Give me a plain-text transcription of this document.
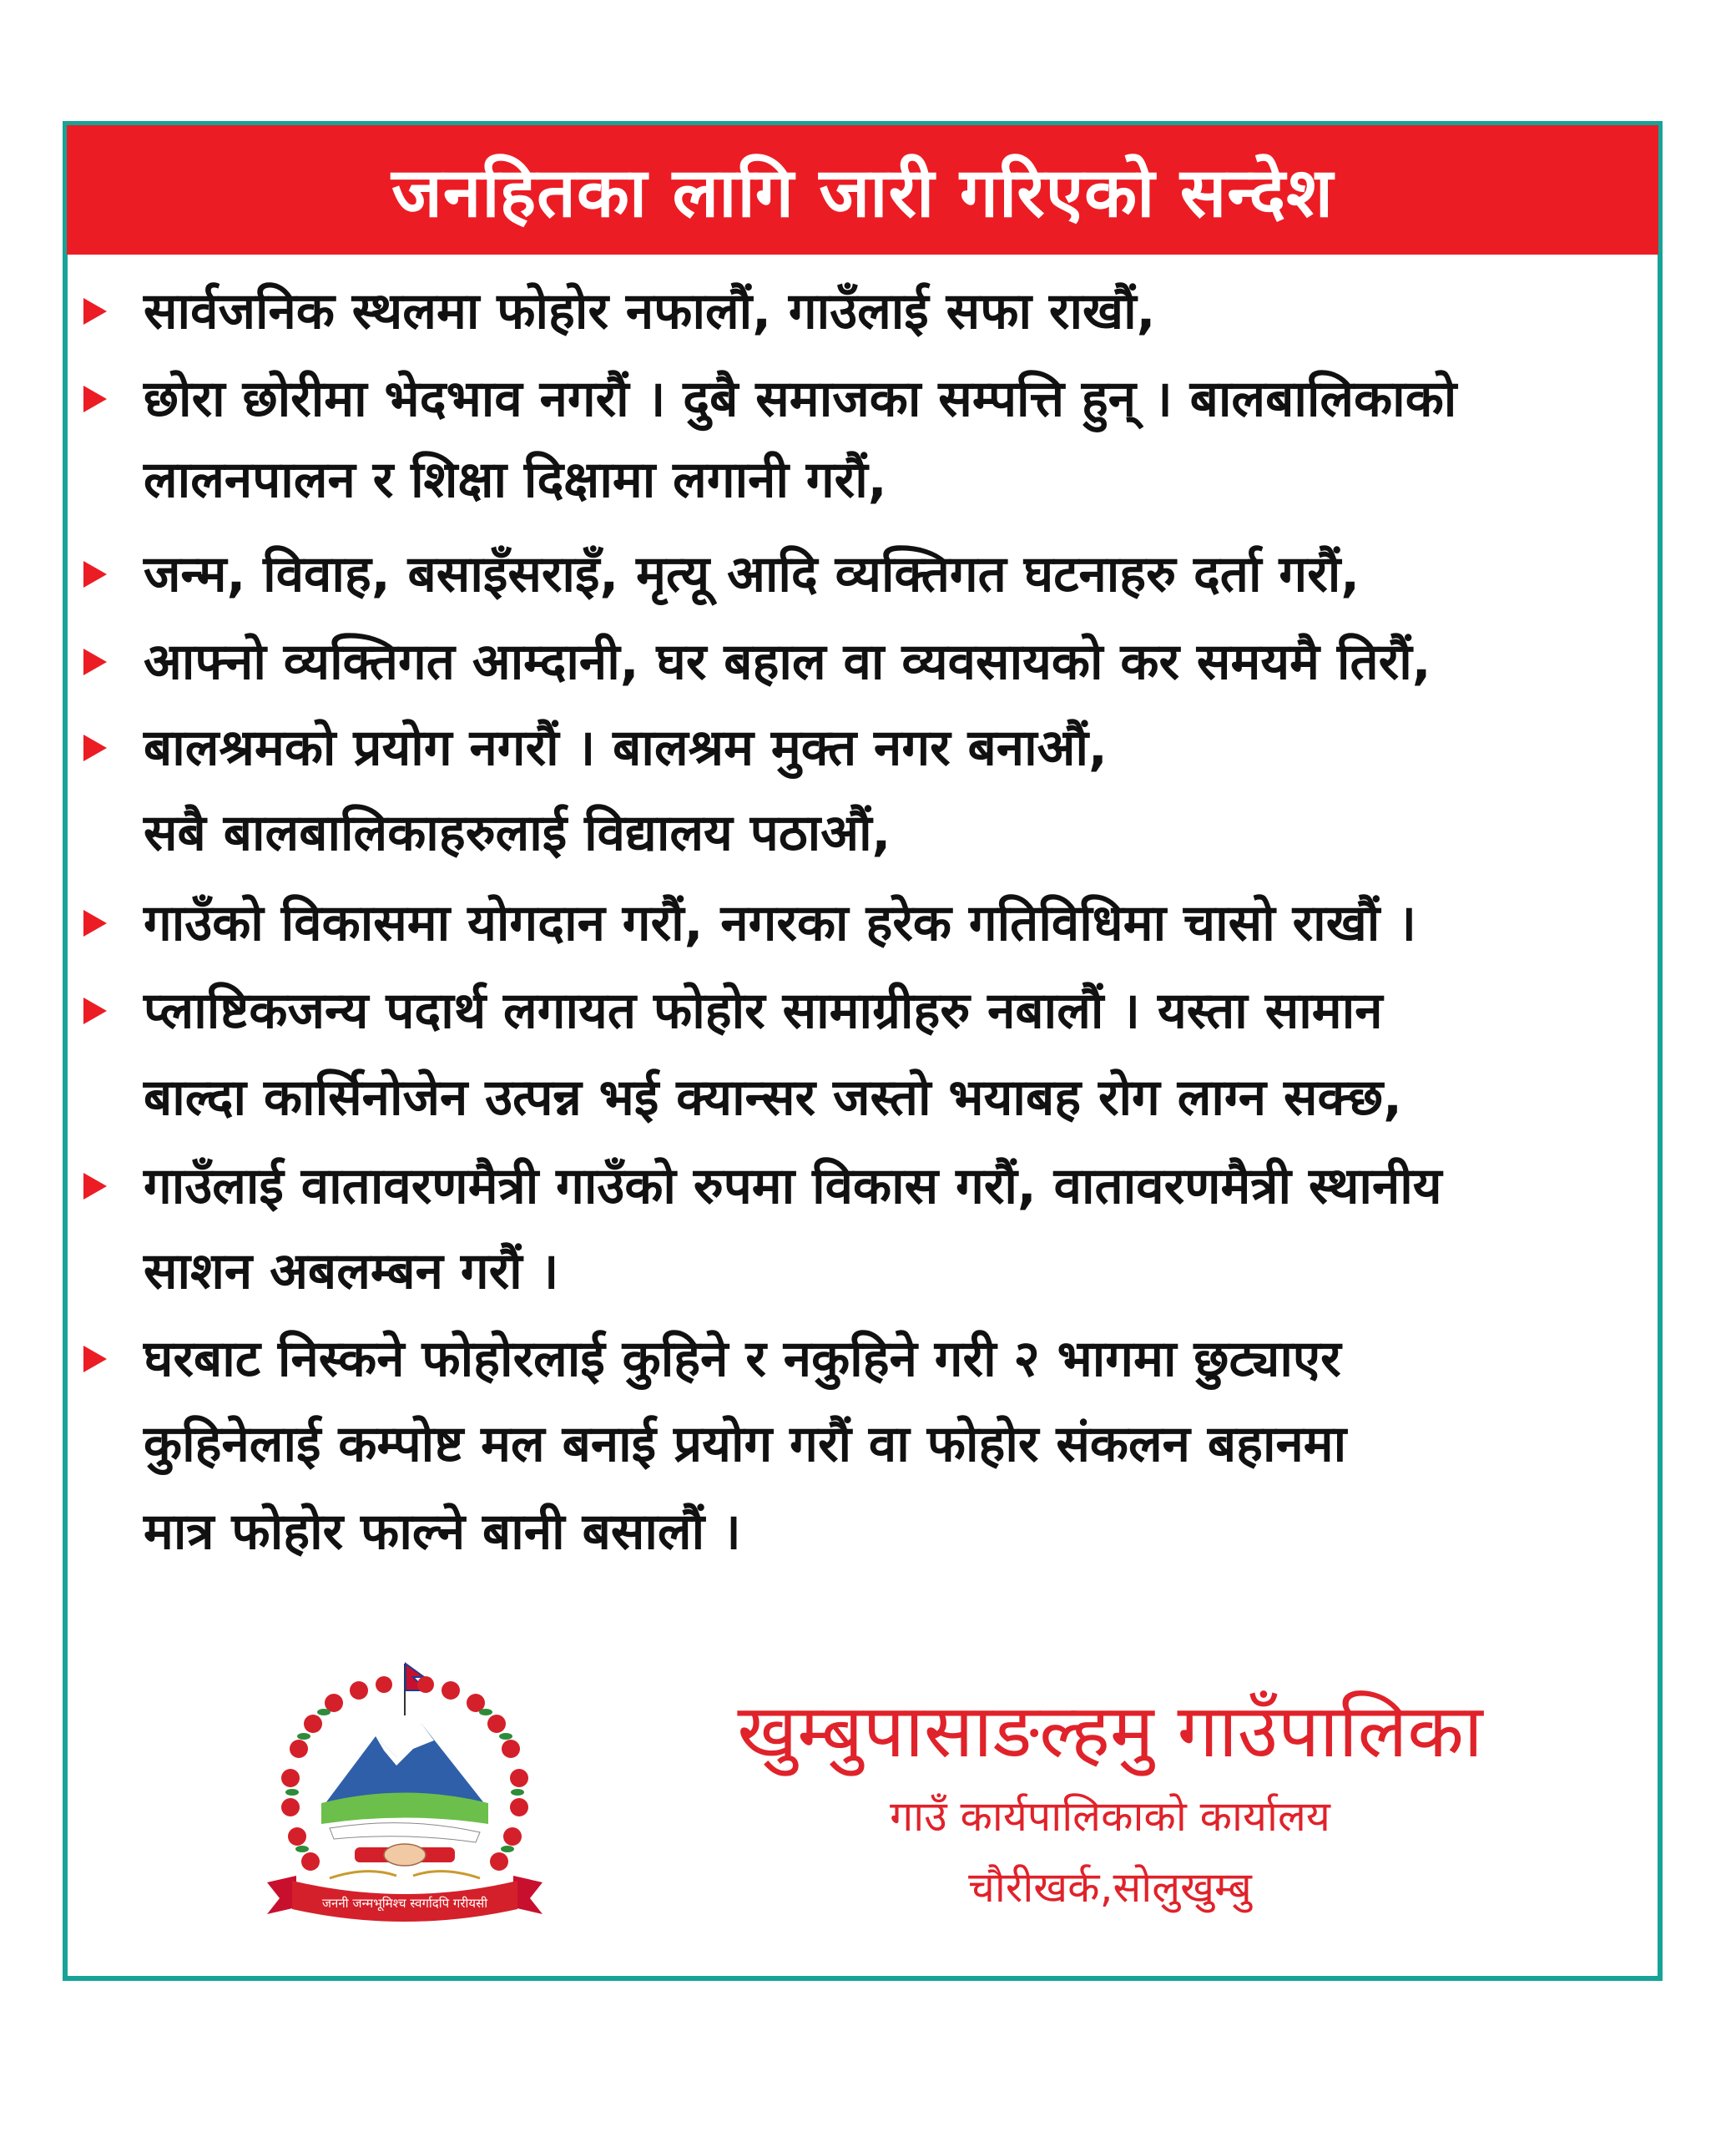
जनहितका लागि जारी गरिएको सन्देश
सार्वजनिक स्थलमा फोहोर नफालौं, गाउँलाई सफा राखौं,
छोरा छोरीमा भेदभाव नगरौं । दुबै समाजका सम्पत्ति हुन् । बालबालिकाको
लालनपालन र शिक्षा दिक्षामा लगानी गरौं,
जन्म, विवाह, बसाइँसराइँ, मृत्यू आदि व्यक्तिगत घटनाहरु दर्ता गरौं,
आफ्नो व्यक्तिगत आम्दानी, घर बहाल वा व्यवसायको कर समयमै तिरौं,
बालश्रमको प्रयोग नगरौं । बालश्रम मुक्त नगर बनाऔं,
सबै बालबालिकाहरुलाई विद्यालय पठाऔं,
गाउँको विकासमा योगदान गरौं, नगरका हरेक गतिविधिमा चासो राखौं ।
प्लाष्टिकजन्य पदार्थ लगायत फोहोर सामाग्रीहरु नबालौं । यस्ता सामान
बाल्दा कार्सिनोजेन उत्पन्न भई क्यान्सर जस्तो भयाबह रोग लाग्न सक्छ,
गाउँलाई वातावरणमैत्री गाउँको रुपमा विकास गरौं, वातावरणमैत्री स्थानीय
साशन अबलम्बन गरौं ।
घरबाट निस्कने फोहोरलाई कुहिने र नकुहिने गरी २ भागमा छुट्याएर
कुहिनेलाई कम्पोष्ट मल बनाई प्रयोग गरौं वा फोहोर संकलन बहानमा
मात्र फोहोर फाल्ने बानी बसालौं ।
जननी जन्मभूमिश्च स्वर्गादपि गरीयसी
खुम्बुपासाङल्हमु गाउँपालिका
गाउँ कार्यपालिकाको कार्यालय
चौरीखर्क,सोलुखुम्बु
